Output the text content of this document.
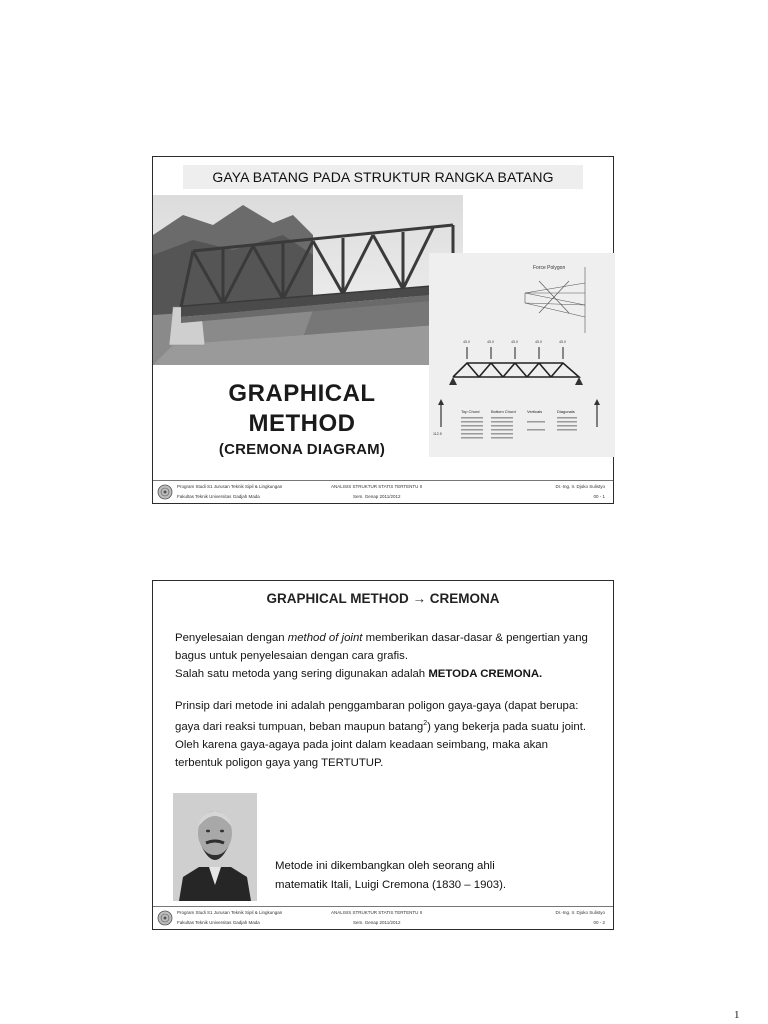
GAYA BATANG PADA STRUKTUR RANGKA BATANG
Force Polygon
45.0	45.0	45.0	45.0	45.0
112.5
Top Chord	Bottom Chord	Verticals	Diagonals
GRAPHICAL
METHOD
(CREMONA DIAGRAM)
Program Studi S1 Jurusan Teknik Sipil & Lingkungan
Fakultas Teknik Universitas Gadjah Mada
ANALISIS STRUKTUR STATIS TERTENTU II
Sem. Genap 2011/2012
Dr.-Ing. Ir. Djoko Sulistyo
00 - 1
GRAPHICAL METHOD → CREMONA

Penyelesaian dengan method of joint memberikan dasar-dasar & pengertian yang bagus untuk penyelesaian dengan cara grafis.
Salah satu metoda yang sering digunakan adalah METODA CREMONA.

Prinsip dari metode ini adalah penggambaran poligon gaya-gaya (dapat berupa: gaya dari reaksi tumpuan, beban maupun batang$^2$) yang bekerja pada suatu joint. Oleh karena gaya-agaya pada joint dalam keadaan seimbang, maka akan terbentuk poligon gaya yang TERTUTUP.

Metode ini dikembangkan oleh seorang ahli
matematik Itali, Luigi Cremona (1830 – 1903).
Program Studi S1 Jurusan Teknik Sipil & Lingkungan
Fakultas Teknik Universitas Gadjah Mada
ANALISIS STRUKTUR STATIS TERTENTU II
Sem. Genap 2011/2012
Dr.-Ing. Ir. Djoko Sulistyo
00 - 2
1
